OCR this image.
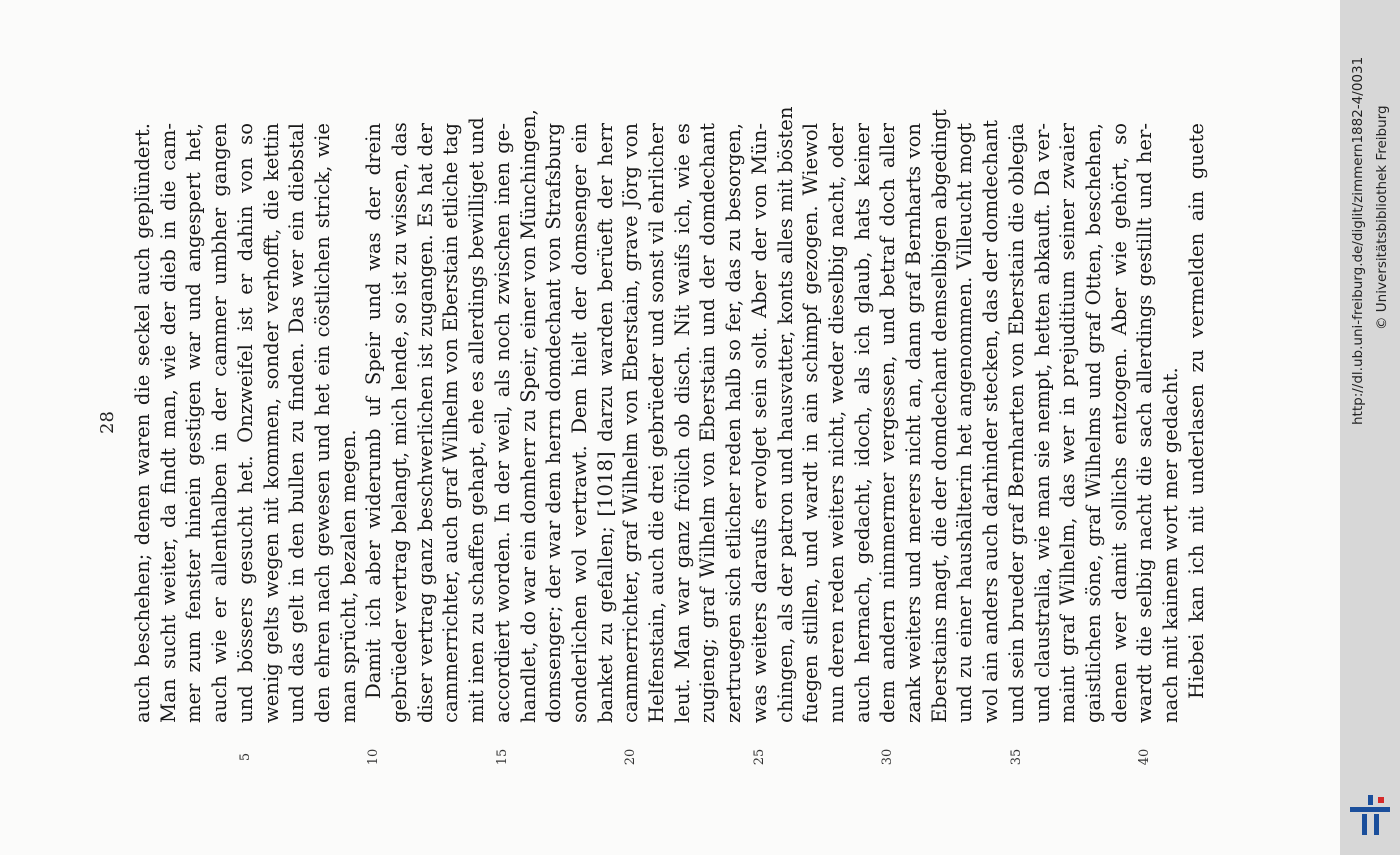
28 auch beschehen; denen waren die seckel auch geplündert. Man sucht weiter, da findt man, wie der dieb in die cam- mer zum fenster hinein gestigen war und angespert het, auch wie er allenthalben in der cammer umbher gangen und bössers gesucht het. Onzweifel ist er dahin von so
5
wenig gelts wegen nit kommen, sonder verhofft, die kettin und das gelt in den bullen zu finden. Das wer ein diebstal den ehren nach gewesen und het ein cöstlichen strick, wie man sprücht, bezalen megen. Damit ich aber widerumb uf Speir und was der drein
10
gebrüeder vertrag belangt, mich lende, so ist zu wissen, das diser vertrag ganz beschwerlichen ist zugangen. Es hat der cammerrichter, auch graf Wilhelm von Eberstain etliche tag mit inen zu schaffen gehapt, ehe es allerdings bewilliget und accordiert worden. In der weil, als noch zwischen inen ge-
15
handlet, do war ein domherr zu Speir, einer von Münchingen, domsenger; der war dem herrn domdechant von Strafsburg sonderlichen wol vertrawt. Dem hielt der domsenger ein banket zu gefallen; [1018] darzu warden berüeft der herr cammerrichter, graf Wilhelm von Eberstain, grave Jörg von
20
Helfenstain, auch die drei gebrüeder und sonst vil ehrlicher leut. Man war ganz frölich ob disch. Nit waifs ich, wie es zugieng; graf Wilhelm von Eberstain und der domdechant zertruegen sich etlicher reden halb so fer, das zu besorgen, was weiters daraufs ervolget sein solt. Aber der von Mün-
25
chingen, als der patron und hausvatter, konts alles mit bösten fuegen stillen, und wardt in ain schimpf gezogen. Wiewol nun deren reden weiters nicht, weder dieselbig nacht, oder auch hernach, gedacht, idoch, als ich glaub, hats keiner dem andern nimmermer vergessen, und betraf doch aller
30
zank weiters und merers nicht an, dann graf Bernharts von Eberstains magt, die der domdechant demselbigen abgedingt und zu einer haushälterin het angenommen. Villeucht mogt wol ain anders auch darhinder stecken, das der domdechant und sein brueder graf Bernharten von Eberstain die oblegia
35
und claustralia, wie man sie nempt, hetten abkauft. Da ver- maint graf Wilhelm, das wer in prejuditium seiner zwaier gaistlichen söne, graf Wilhelms und graf Otten, beschehen, denen wer damit sollichs entzogen. Aber wie gehört, so wardt die selbig nacht die sach allerdings gestillt und her-
40
nach mit kainem wort mer gedacht. Hiebei kan ich nit underlasen zu vermelden ain guete	http://dl.ub.uni-freiburg.de/diglit/zimmern1882-4/0031 © Universitätsbibliothek Freiburg
